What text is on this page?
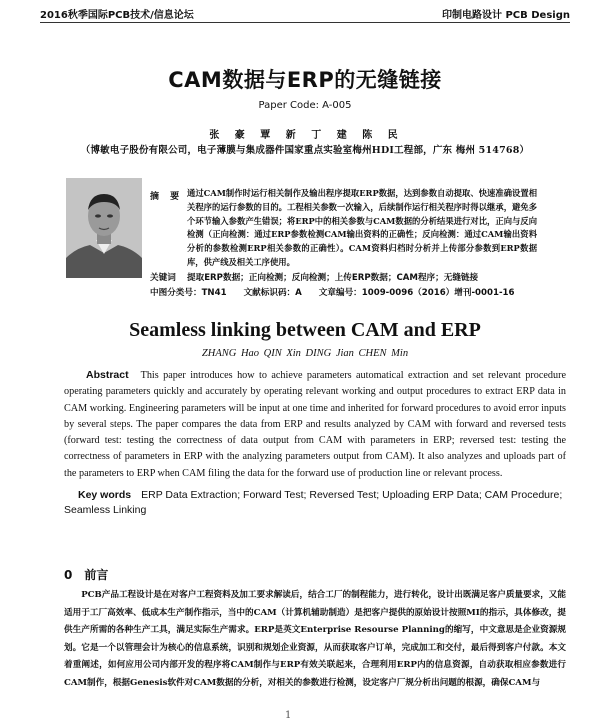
2016秋季国际PCB技术/信息论坛	印制电路设计 PCB Design
CAM数据与ERP的无缝链接
Paper Code: A-005
张 豪 覃 新 丁 建 陈 民
（博敏电子股份有限公司，电子薄膜与集成器件国家重点实验室梅州HDI工程部，广东 梅州 514768）
摘 要 通过CAM制作时运行相关制作及输出程序提取ERP数据，达到参数自动提取、快速准确设置相关程序的运行参数的目的。工程相关参数一次输入，后续制作运行相关程序时得以继承，避免多个环节输入参数产生错误；将ERP中的相关参数与CAM数据的分析结果进行对比，正向与反向检测（正向检测：通过ERP参数检测CAM输出资料的正确性；反向检测：通过CAM输出资料分析的参数检测ERP相关参数的正确性）。CAM资料归档时分析并上传部分参数到ERP数据库，供产线及相关工序使用。
关键词 提取ERP数据；正向检测；反向检测；上传ERP数据；CAM程序；无缝链接
中图分类号：TN41 文献标识码：A 文章编号：1009-0096（2016）增刊-0001-16
Seamless linking between CAM and ERP
ZHANG Hao QIN Xin DING Jian CHEN Min
Abstract This paper introduces how to achieve parameters automatical extraction and set relevant procedure operating parameters quickly and accurately by operating relevant working and output procedures to extract ERP data in CAM working. Engineering parameters will be input at one time and inherited for forward procedures to avoid error inputs by several steps. The paper compares the data from ERP and results analyzed by CAM with forward and reversed tests (forward test: testing the correctness of data output from CAM with parameters in ERP; reversed test: testing the correctness of parameters in ERP with the analyzing parameters output from CAM). It also analyzes and uploads part of the parameters to ERP when CAM filing the data for the forward use of production line or relevant process.
Key words ERP Data Extraction; Forward Test; Reversed Test; Uploading ERP Data; CAM Procedure; Seamless Linking
0 前言
PCB产品工程设计是在对客户工程资料及加工要求解读后，结合工厂的制程能力，进行转化，设计出既满足客户质量要求，又能适用于工厂高效率、低成本生产制作指示，当中的CAM（计算机辅助制造）是把客户提供的原始设计按照MI的指示，具体修改，提供生产所需的各种生产工具，满足实际生产需求。ERP是英文Enterprise Resourse Planning的缩写，中文意思是企业资源规划。它是一个以管理会计为核心的信息系统，识别和规划企业资源，从而获取客户订单，完成加工和交付，最后得到客户付款。本文着重阐述，如何应用公司内部开发的程序将CAM制作与ERP有效关联起来，合理利用ERP内的信息资源，自动获取相应参数进行CAM制作，根据Genesis软件对CAM数据的分析，对相关的参数进行检测，设定客户厂规分析出问题的根源，确保CAM与
1
